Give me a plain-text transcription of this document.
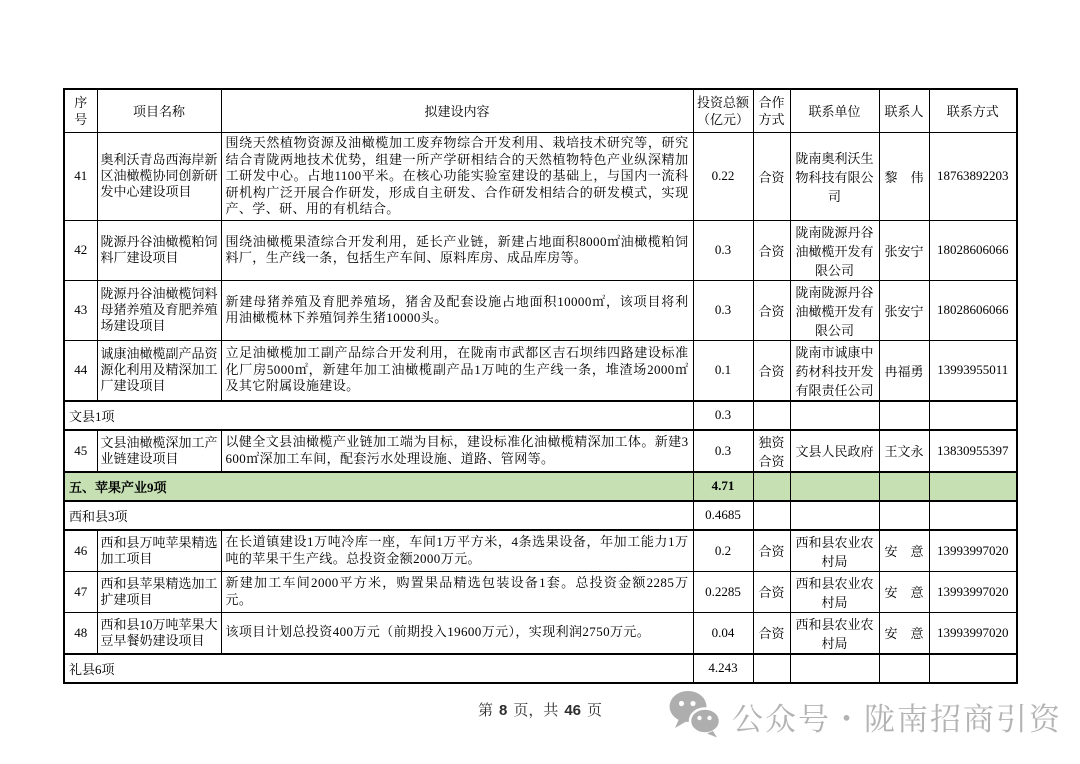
序号	项目名称	拟建设内容	投资总额（亿元）	合作方式	联系单位	联系人	联系方式
41	奥利沃青岛西海岸新区油橄榄协同创新研发中心建设项目	围绕天然植物资源及油橄榄加工废弃物综合开发利用、栽培技术研究等，研究结合青陇两地技术优势，组建一所产学研相结合的天然植物特色产业纵深精加工研发中心。占地1100平米。在核心功能实验室建设的基础上，与国内一流科研机构广泛开展合作研发，形成自主研发、合作研发相结合的研发模式，实现产、学、研、用的有机结合。	0.22	合资	陇南奥利沃生物科技有限公司	黎　伟	18763892203
42	陇源丹谷油橄榄粕饲料厂建设项目	围绕油橄榄果渣综合开发利用，延长产业链，新建占地面积8000㎡油橄榄粕饲料厂，生产线一条，包括生产车间、原料库房、成品库房等。	0.3	合资	陇南陇源丹谷油橄榄开发有限公司	张安宁	18028606066
43	陇源丹谷油橄榄饲料母猪养殖及育肥养殖场建设项目	新建母猪养殖及育肥养殖场，猪舍及配套设施占地面积10000㎡，该项目将利用油橄榄林下养殖饲养生猪10000头。	0.3	合资	陇南陇源丹谷油橄榄开发有限公司	张安宁	18028606066
44	诚康油橄榄副产品资源化利用及精深加工厂建设项目	立足油橄榄加工副产品综合开发利用，在陇南市武都区吉石坝纬四路建设标准化厂房5000㎡，新建年加工油橄榄副产品1万吨的生产线一条，堆渣场2000㎡及其它附属设施建设。	0.1	合资	陇南市诚康中药材科技开发有限责任公司	冉福勇	13993955011
文县1项			0.3				
45	文县油橄榄深加工产业链建设项目	以健全文县油橄榄产业链加工端为目标，建设标准化油橄榄精深加工体。新建3600㎡深加工车间，配套污水处理设施、道路、管网等。	0.3	独资合资	文县人民政府	王文永	13830955397
五、苹果产业9项			4.71				
西和县3项			0.4685				
46	西和县万吨苹果精选加工项目	在长道镇建设1万吨冷库一座，车间1万平方米，4条选果设备，年加工能力1万吨的苹果干生产线。总投资金额2000万元。	0.2	合资	西和县农业农村局	安　意	13993997020
47	西和县苹果精选加工扩建项目	新建加工车间2000平方米，购置果品精选包装设备1套。总投资金额2285万元。	0.2285	合资	西和县农业农村局	安　意	13993997020
48	西和县10万吨苹果大豆早餐奶建设项目	该项目计划总投资400万元（前期投入19600万元），实现利润2750万元。	0.04	合资	西和县农业农村局	安　意	13993997020
礼县6项			4.243				
第 8 页，共 46 页	公众号・陇南招商引资
